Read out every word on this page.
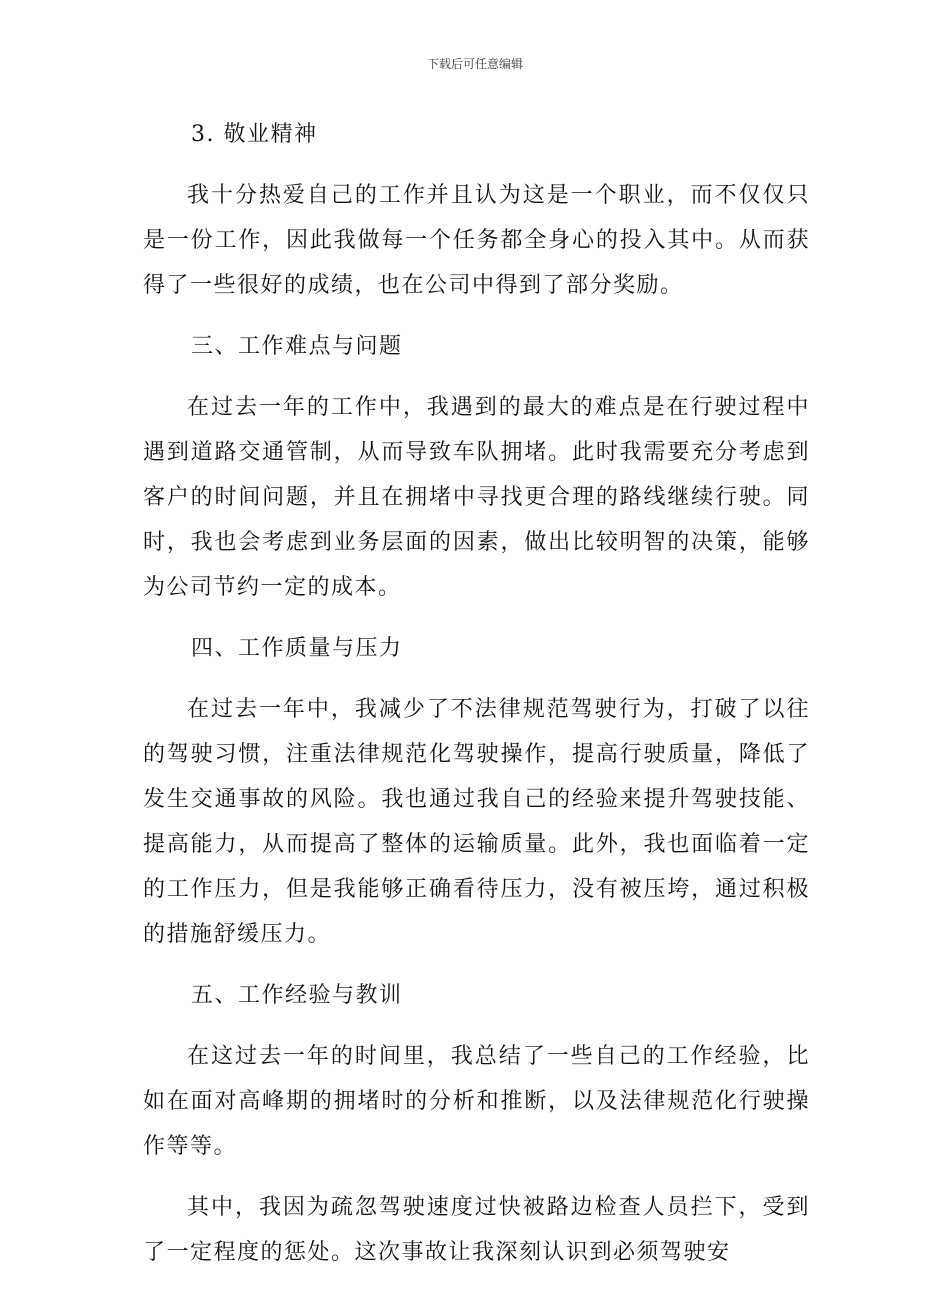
下载后可任意编辑
3. 敬业精神

我十分热爱自己的工作并且认为这是一个职业，而不仅仅只是一份工作，因此我做每一个任务都全身心的投入其中。从而获得了一些很好的成绩，也在公司中得到了部分奖励。

三、工作难点与问题

在过去一年的工作中，我遇到的最大的难点是在行驶过程中遇到道路交通管制，从而导致车队拥堵。此时我需要充分考虑到客户的时间问题，并且在拥堵中寻找更合理的路线继续行驶。同时，我也会考虑到业务层面的因素，做出比较明智的决策，能够为公司节约一定的成本。

四、工作质量与压力

在过去一年中，我减少了不法律规范驾驶行为，打破了以往的驾驶习惯，注重法律规范化驾驶操作，提高行驶质量，降低了发生交通事故的风险。我也通过我自己的经验来提升驾驶技能、提高能力，从而提高了整体的运输质量。此外，我也面临着一定的工作压力，但是我能够正确看待压力，没有被压垮，通过积极的措施舒缓压力。

五、工作经验与教训

在这过去一年的时间里，我总结了一些自己的工作经验，比如在面对高峰期的拥堵时的分析和推断，以及法律规范化行驶操作等等。

其中，我因为疏忽驾驶速度过快被路边检查人员拦下，受到了一定程度的惩处。这次事故让我深刻认识到必须驾驶安
